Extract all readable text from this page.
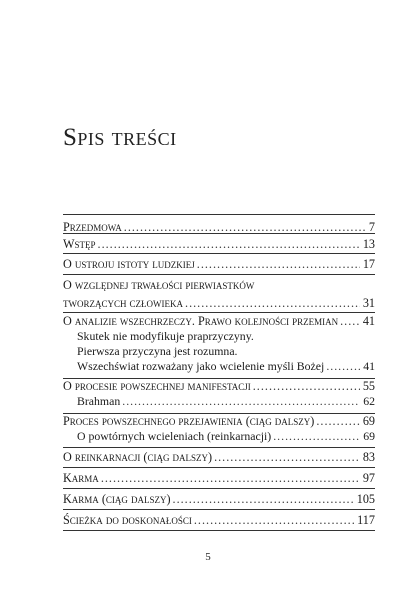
Spis treści
Przedmowa .....	7
Wstęp .....	13
O ustroju istoty ludzkiej .....	17
O względnej trwałości pierwiastków
tworzących człowieka .....	31
O analizie wszechrzeczy. Prawo kolejności przemian ..... 41
Skutek nie modyfikuje praprzyczyny.
Pierwsza przyczyna jest rozumna.
Wszechświat rozważany jako wcielenie myśli Bożej .....	41
O procesie powszechnej manifestacji .....	55
Brahman .....	62
Proces powszechnego przejawienia (ciąg dalszy) .....	69
O powtórnych wcieleniach (reinkarnacji) .....	69
O reinkarnacji (ciąg dalszy) .....	83
Karma .....	97
Karma (ciąg dalszy) .....	105
Ścieżka do doskonałości .....	117
5
